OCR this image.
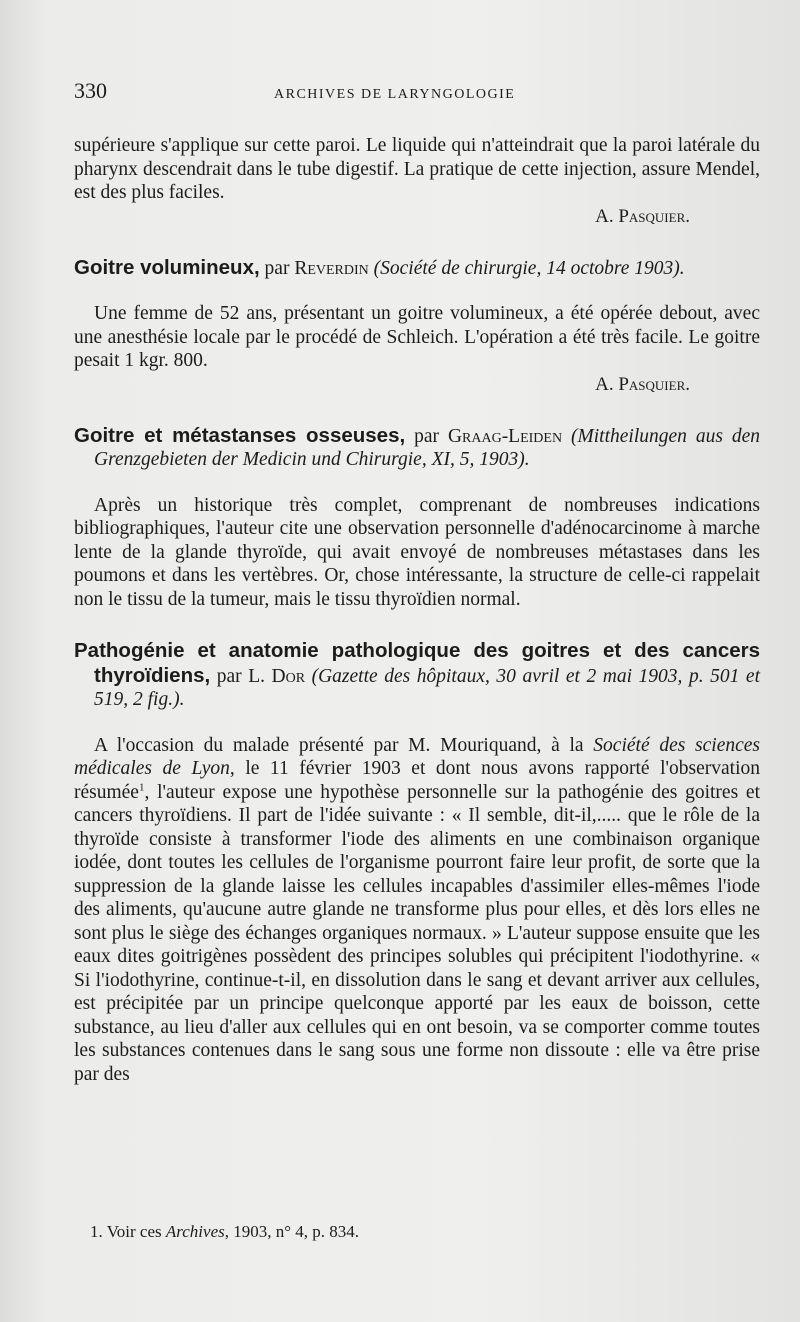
330	ARCHIVES DE LARYNGOLOGIE

supérieure s'applique sur cette paroi. Le liquide qui n'atteindrait que la paroi latérale du pharynx descendrait dans le tube digestif. La pratique de cette injection, assure Mendel, est des plus faciles.

A. Pasquier.

Goitre volumineux, par Reverdin (Société de chirurgie, 14 octobre 1903).

Une femme de 52 ans, présentant un goitre volumineux, a été opérée debout, avec une anesthésie locale par le procédé de Schleich. L'opération a été très facile. Le goitre pesait 1 kgr. 800.

A. Pasquier.

Goitre et métastanses osseuses, par Graag-Leiden (Mittheilungen aus den Grenzgebieten der Medicin und Chirurgie, XI, 5, 1903).

Après un historique très complet, comprenant de nombreuses indications bibliographiques, l'auteur cite une observation personnelle d'adénocarcinome à marche lente de la glande thyroïde, qui avait envoyé de nombreuses métastases dans les poumons et dans les vertèbres. Or, chose intéressante, la structure de celle-ci rappelait non le tissu de la tumeur, mais le tissu thyroïdien normal.

Pathogénie et anatomie pathologique des goitres et des cancers thyroïdiens, par L. Dor (Gazette des hôpitaux, 30 avril et 2 mai 1903, p. 501 et 519, 2 fig.).

A l'occasion du malade présenté par M. Mouriquand, à la Société des sciences médicales de Lyon, le 11 février 1903 et dont nous avons rapporté l'observation résumée$^1$, l'auteur expose une hypothèse personnelle sur la pathogénie des goitres et cancers thyroïdiens. Il part de l'idée suivante : « Il semble, dit-il,..... que le rôle de la thyroïde consiste à transformer l'iode des aliments en une combinaison organique iodée, dont toutes les cellules de l'organisme pourront faire leur profit, de sorte que la suppression de la glande laisse les cellules incapables d'assimiler elles-mêmes l'iode des aliments, qu'aucune autre glande ne transforme plus pour elles, et dès lors elles ne sont plus le siège des échanges organiques normaux. » L'auteur suppose ensuite que les eaux dites goitrigènes possèdent des principes solubles qui précipitent l'iodothyrine. « Si l'iodothyrine, continue-t-il, en dissolution dans le sang et devant arriver aux cellules, est précipitée par un principe quelconque apporté par les eaux de boisson, cette substance, au lieu d'aller aux cellules qui en ont besoin, va se comporter comme toutes les substances contenues dans le sang sous une forme non dissoute : elle va être prise par des

1. Voir ces Archives, 1903, n° 4, p. 834.
